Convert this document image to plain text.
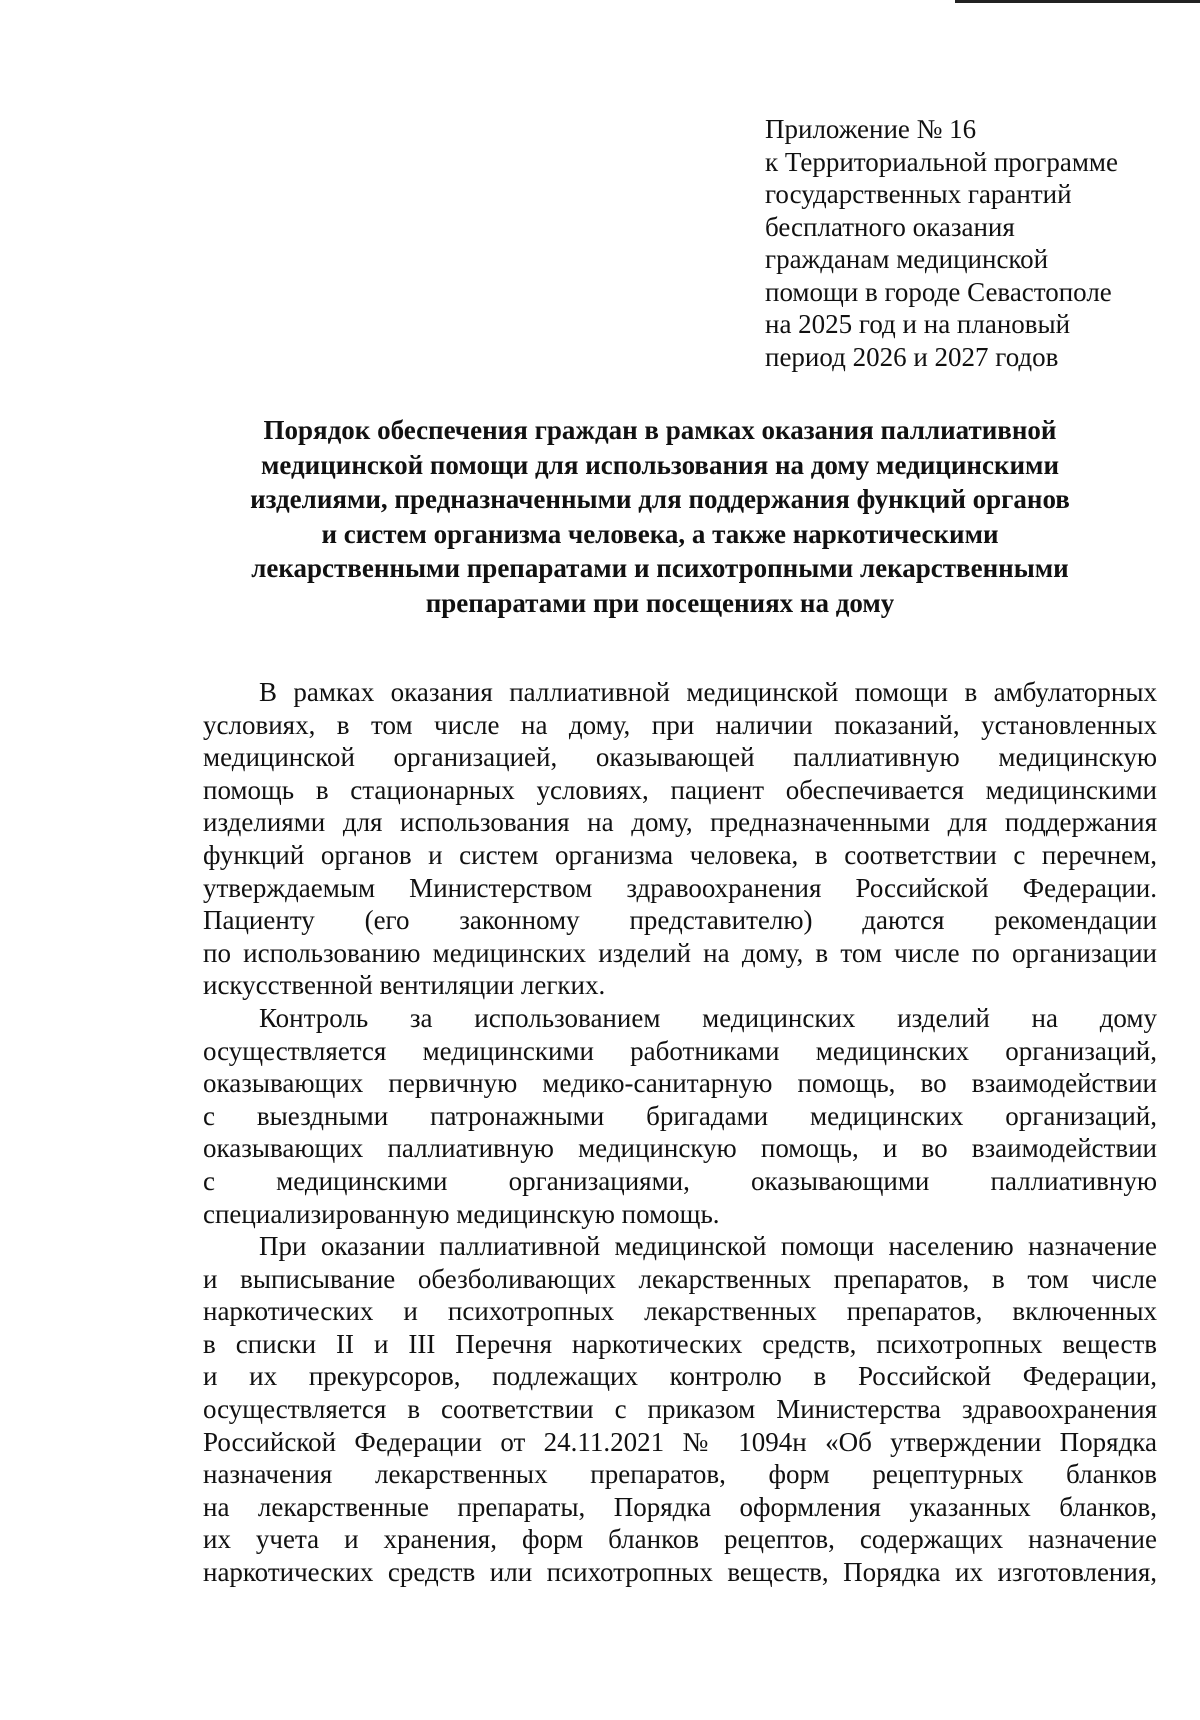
Приложение № 16
к Территориальной программе
государственных гарантий
бесплатного оказания
гражданам медицинской
помощи в городе Севастополе
на 2025 год и на плановый
период 2026 и 2027 годов
Порядок обеспечения граждан в рамках оказания паллиативной
медицинской помощи для использования на дому медицинскими
изделиями, предназначенными для поддержания функций органов
и систем организма человека, а также наркотическими
лекарственными препаратами и психотропными лекарственными
препаратами при посещениях на дому
В рамках оказания паллиативной медицинской помощи в амбулаторных
условиях, в том числе на дому, при наличии показаний, установленных
медицинской организацией, оказывающей паллиативную медицинскую
помощь в стационарных условиях, пациент обеспечивается медицинскими
изделиями для использования на дому, предназначенными для поддержания
функций органов и систем организма человека, в соответствии с перечнем,
утверждаемым Министерством здравоохранения Российской Федерации.
Пациенту (его законному представителю) даются рекомендации
по использованию медицинских изделий на дому, в том числе по организации
искусственной вентиляции легких.
Контроль за использованием медицинских изделий на дому
осуществляется медицинскими работниками медицинских организаций,
оказывающих первичную медико-санитарную помощь, во взаимодействии
с выездными патронажными бригадами медицинских организаций,
оказывающих паллиативную медицинскую помощь, и во взаимодействии
с медицинскими организациями, оказывающими паллиативную
специализированную медицинскую помощь.
При оказании паллиативной медицинской помощи населению назначение
и выписывание обезболивающих лекарственных препаратов, в том числе
наркотических и психотропных лекарственных препаратов, включенных
в списки II и III Перечня наркотических средств, психотропных веществ
и их прекурсоров, подлежащих контролю в Российской Федерации,
осуществляется в соответствии с приказом Министерства здравоохранения
Российской Федерации от 24.11.2021 № 1094н «Об утверждении Порядка
назначения лекарственных препаратов, форм рецептурных бланков
на лекарственные препараты, Порядка оформления указанных бланков,
их учета и хранения, форм бланков рецептов, содержащих назначение
наркотических средств или психотропных веществ, Порядка их изготовления,
